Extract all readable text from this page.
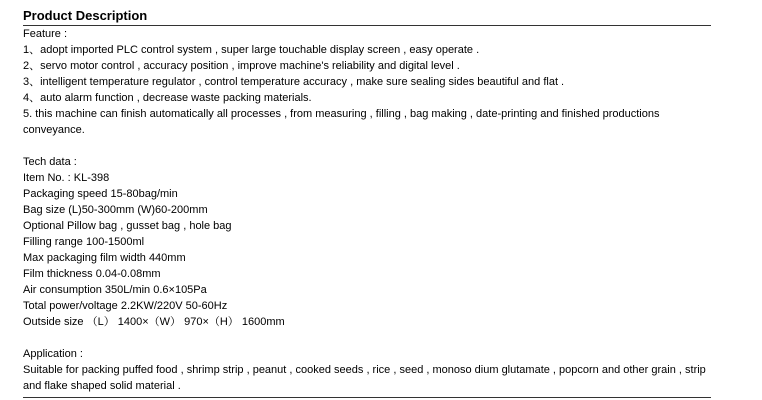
Product Description
Feature :
1、adopt imported PLC control system , super large touchable display screen , easy operate .
2、servo motor control , accuracy position , improve machine's reliability and digital level .
3、intelligent temperature regulator , control temperature accuracy , make sure sealing sides beautiful and flat .
4、auto alarm function , decrease waste packing materials.
5. this machine can finish automatically all processes , from measuring , filling , bag making , date-printing and finished productions conveyance.
Tech data :
Item No. : KL-398
Packaging speed 15-80bag/min
Bag size (L)50-300mm (W)60-200mm
Optional Pillow bag , gusset bag , hole bag
Filling range 100-1500ml
Max packaging film width 440mm
Film thickness 0.04-0.08mm
Air consumption 350L/min 0.6×105Pa
Total power/voltage 2.2KW/220V 50-60Hz
Outside size （L） 1400×（W） 970×（H） 1600mm
Application :
Suitable for packing puffed food , shrimp strip , peanut , cooked seeds , rice , seed , monoso dium glutamate , popcorn and other grain , strip and flake shaped solid material .
